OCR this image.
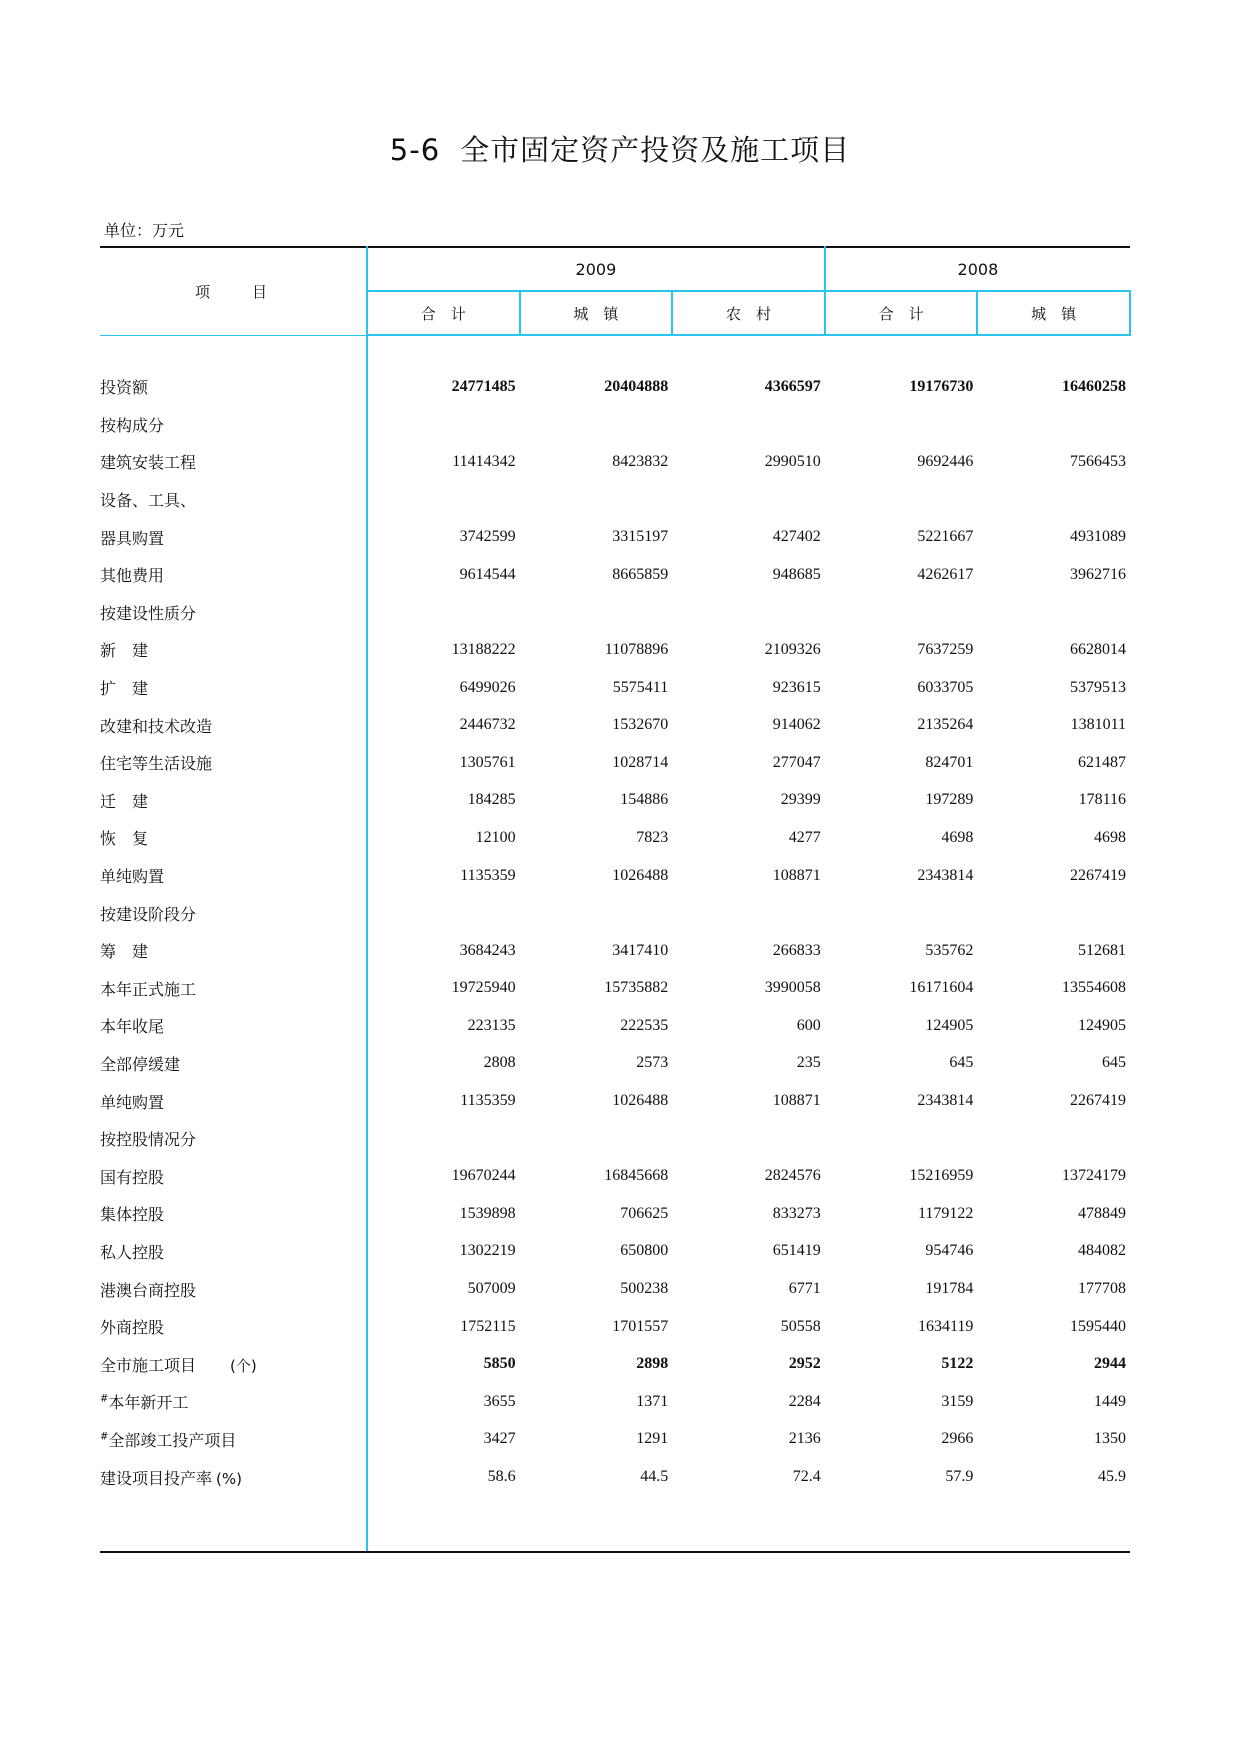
5-6 全市固定资产投资及施工项目
单位：万元
项　　目	2009			2008	
	合　计	城　镇	农　村	合　计	城　镇

投资额	24771485	20404888	4366597	19176730	16460258
按构成分					
建筑安装工程	11414342	8423832	2990510	9692446	7566453
设备、工具、					
器具购置	3742599	3315197	427402	5221667	4931089
其他费用	9614544	8665859	948685	4262617	3962716
按建设性质分					
新　建	13188222	11078896	2109326	7637259	6628014
扩　建	6499026	5575411	923615	6033705	5379513
改建和技术改造	2446732	1532670	914062	2135264	1381011
住宅等生活设施	1305761	1028714	277047	824701	621487
迁　建	184285	154886	29399	197289	178116
恢　复	12100	7823	4277	4698	4698
单纯购置	1135359	1026488	108871	2343814	2267419
按建设阶段分					
筹　建	3684243	3417410	266833	535762	512681
本年正式施工	19725940	15735882	3990058	16171604	13554608
本年收尾	223135	222535	600	124905	124905
全部停缓建	2808	2573	235	645	645
单纯购置	1135359	1026488	108871	2343814	2267419
按控股情况分					
国有控股	19670244	16845668	2824576	15216959	13724179
集体控股	1539898	706625	833273	1179122	478849
私人控股	1302219	650800	651419	954746	484082
港澳台商控股	507009	500238	6771	191784	177708
外商控股	1752115	1701557	50558	1634119	1595440
全市施工项目 (个)	5850	2898	2952	5122	2944
#本年新开工	3655	1371	2284	3159	1449
#全部竣工投产项目	3427	1291	2136	2966	1350
建设项目投产率 (%)	58.6	44.5	72.4	57.9	45.9
